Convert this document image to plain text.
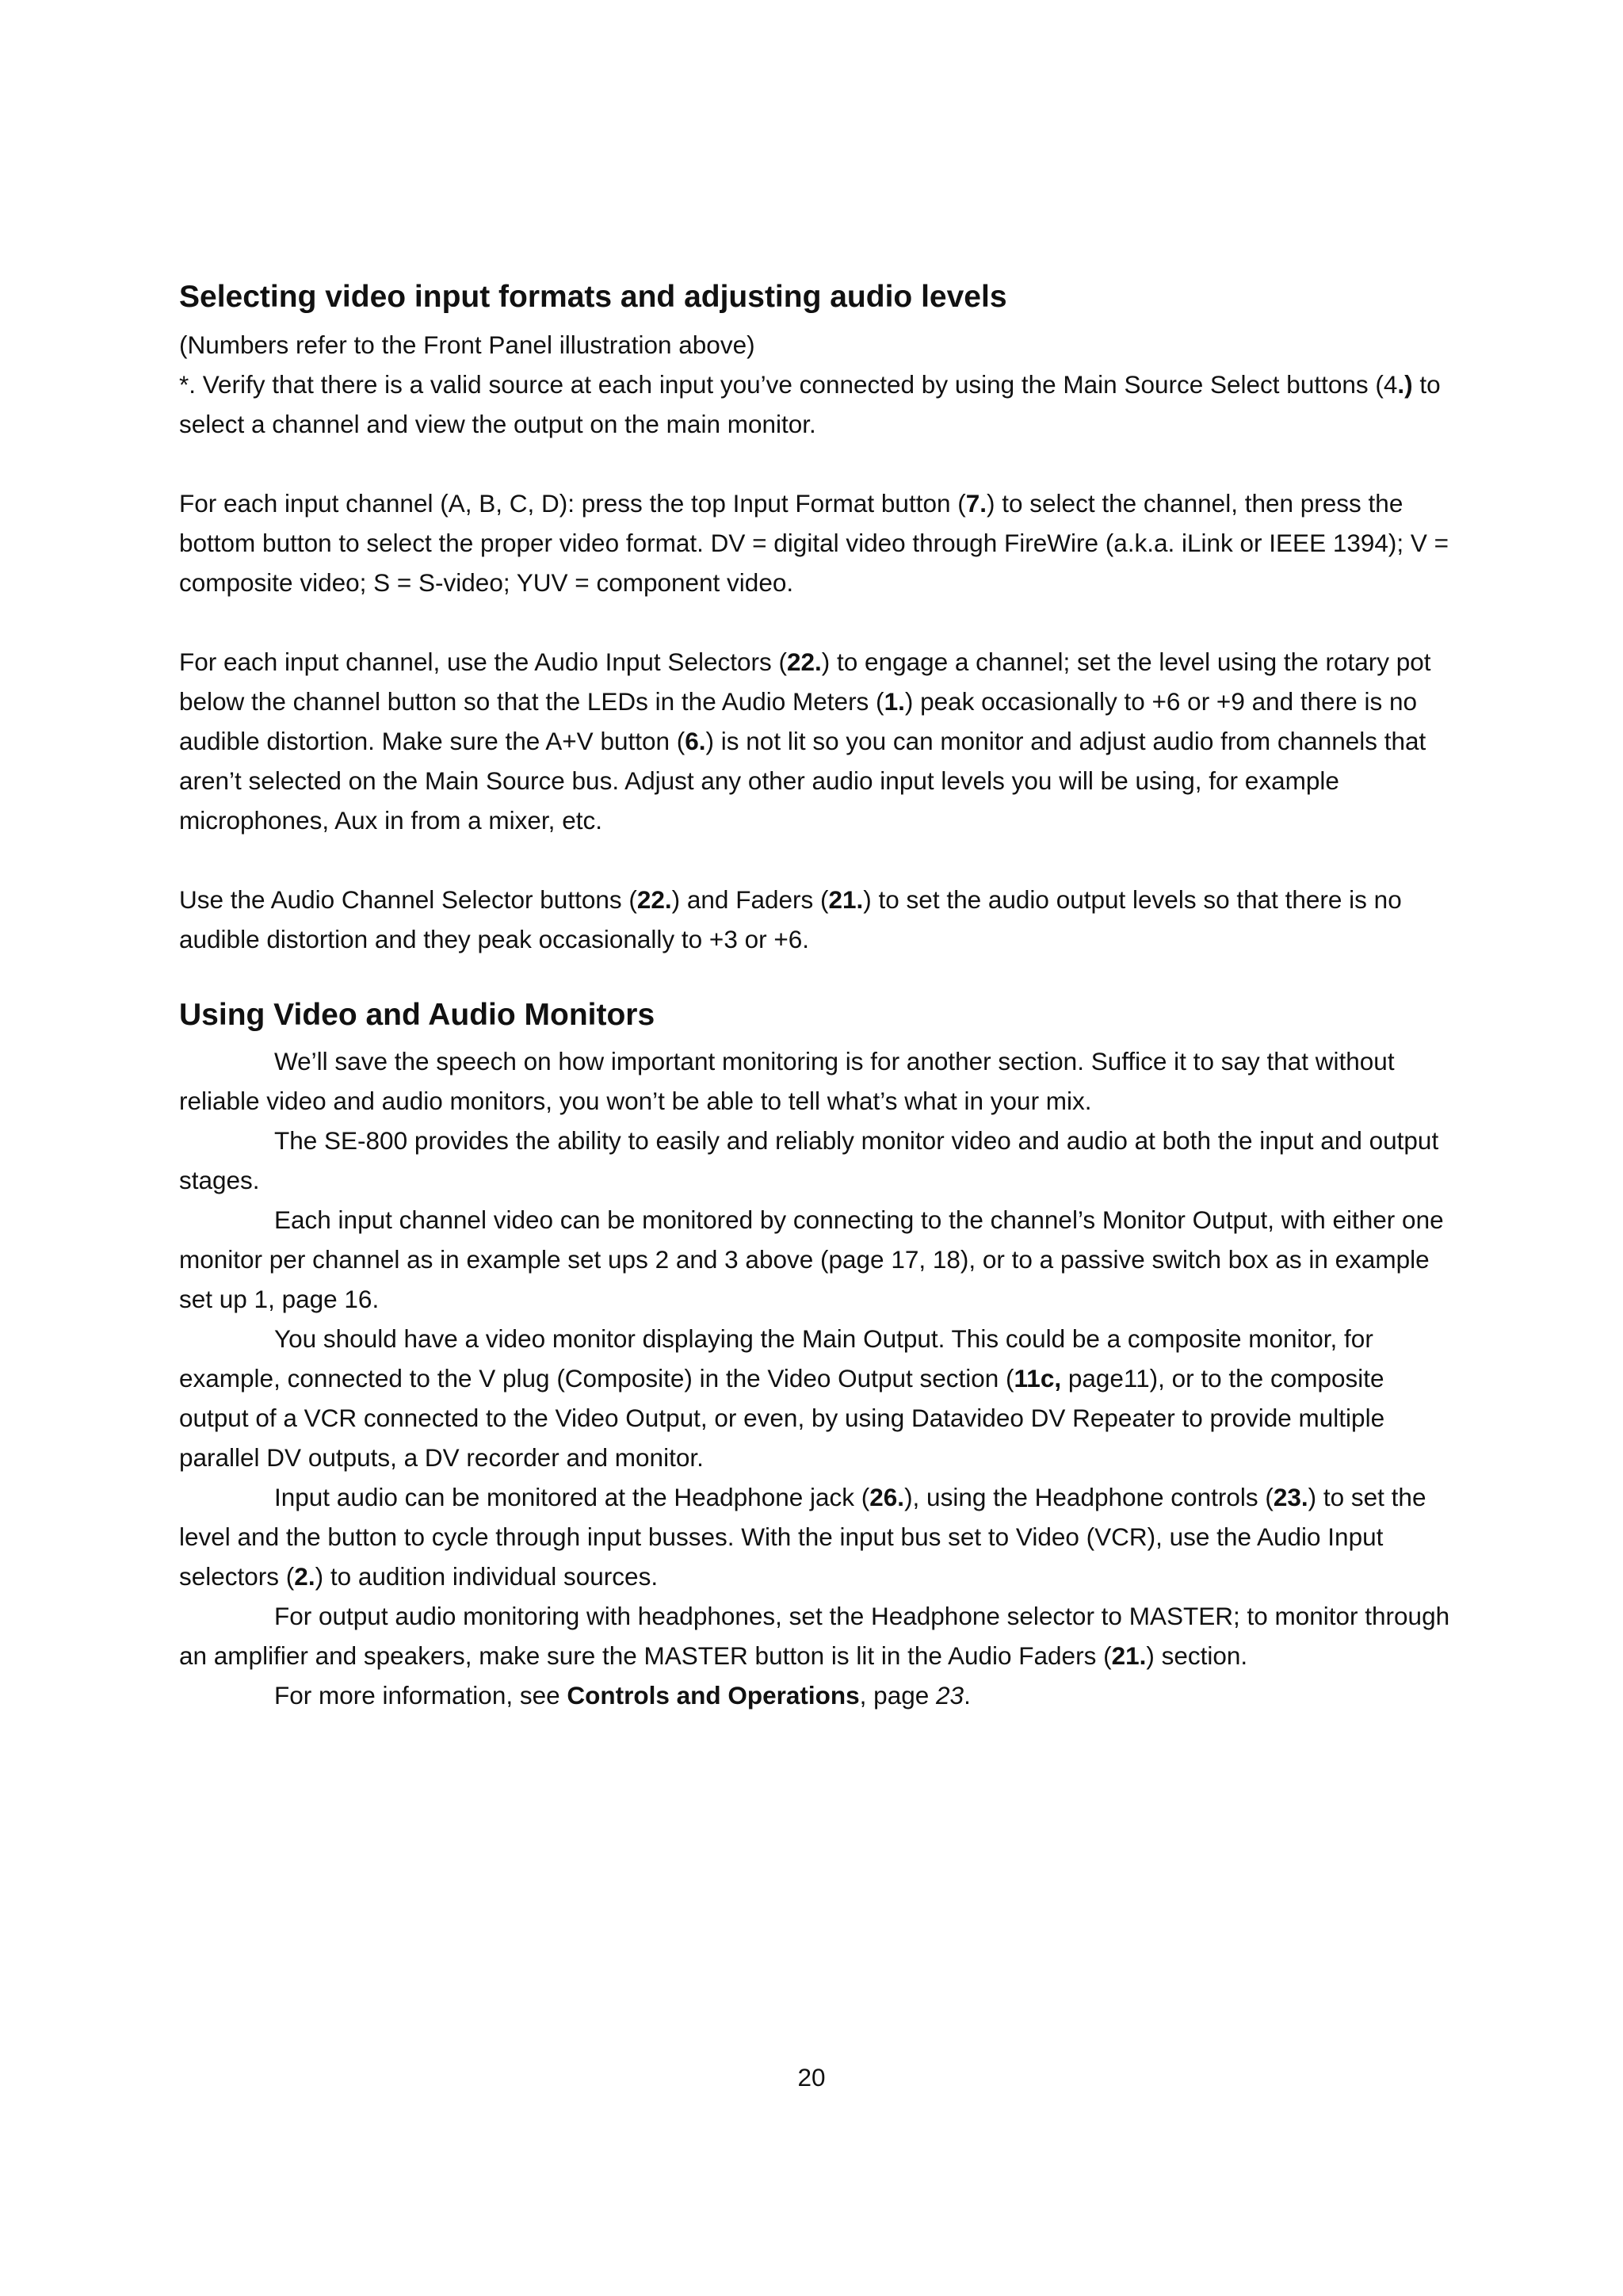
Selecting video input formats and adjusting audio levels

(Numbers refer to the Front Panel illustration above)

*. Verify that there is a valid source at each input you’ve connected by using the Main Source Select buttons (4.) to select a channel and view the output on the main monitor.

For each input channel (A, B, C, D): press the top Input Format button (7.) to select the channel, then press the bottom button to select the proper video format. DV = digital video through FireWire (a.k.a. iLink or IEEE 1394); V = composite video; S = S-video; YUV = component video.

For each input channel, use the Audio Input Selectors (22.) to engage a channel; set the level using the rotary pot below the channel button so that the LEDs in the Audio Meters (1.) peak occasionally to +6 or +9 and there is no audible distortion. Make sure the A+V button (6.) is not lit so you can monitor and adjust audio from channels that aren’t selected on the Main Source bus. Adjust any other audio input levels you will be using, for example microphones, Aux in from a mixer, etc.

Use the Audio Channel Selector buttons (22.) and Faders (21.) to set the audio output levels so that there is no audible distortion and they peak occasionally to +3 or +6.

Using Video and Audio Monitors

We’ll save the speech on how important monitoring is for another section. Suffice it to say that without reliable video and audio monitors, you won’t be able to tell what’s what in your mix.

The SE-800 provides the ability to easily and reliably monitor video and audio at both the input and output stages.

Each input channel video can be monitored by connecting to the channel’s Monitor Output, with either one monitor per channel as in example set ups 2 and 3 above (page 17, 18), or to a passive switch box as in example set up 1, page 16.

You should have a video monitor displaying the Main Output. This could be a composite monitor, for example, connected to the V plug (Composite) in the Video Output section (11c, page11), or to the composite output of a VCR connected to the Video Output, or even, by using Datavideo DV Repeater to provide multiple parallel DV outputs, a DV recorder and monitor.

Input audio can be monitored at the Headphone jack (26.), using the Headphone controls (23.) to set the level and the button to cycle through input busses. With the input bus set to Video (VCR), use the Audio Input selectors (2.) to audition individual sources.

For output audio monitoring with headphones, set the Headphone selector to MASTER; to monitor through an amplifier and speakers, make sure the MASTER button is lit in the Audio Faders (21.) section.

For more information, see Controls and Operations, page 23.

20
